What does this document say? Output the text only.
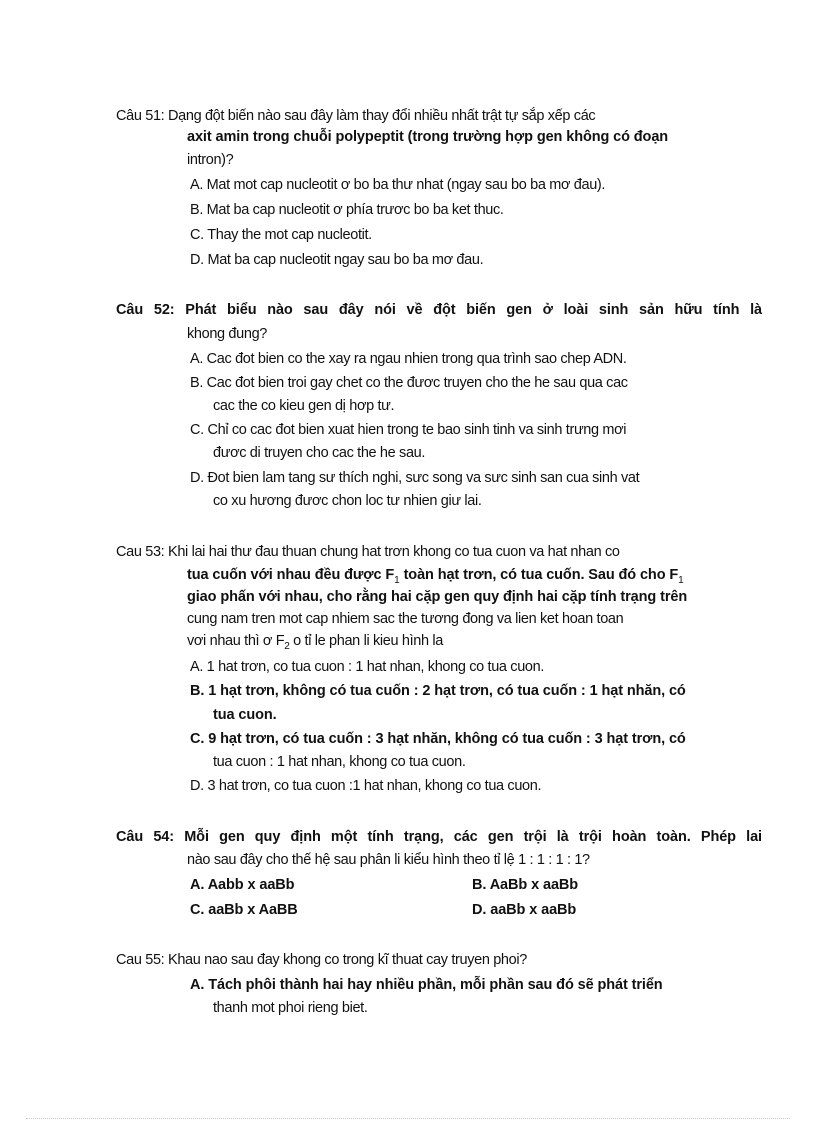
Câu 51: Dạng đột biến nào sau đây làm thay đổi nhiều nhất trật tự sắp xếp các
axit amin trong chuỗi polypeptit (trong trường hợp gen không có đoạn
intron)?
A. Mat mot cap nucleotit ơ bo ba thư nhat (ngay sau bo ba mơ đau).
B. Mat ba cap nucleotit ơ phía trươc bo ba ket thuc.
C. Thay the mot cap nucleotit.
D. Mat ba cap nucleotit ngay sau bo ba mơ đau.
Câu 52: Phát biểu nào sau đây nói về đột biến gen ở loài sinh sản hữu tính là
khong đung?
A. Cac đot bien co the xay ra ngau nhien trong qua trình sao chep ADN.
B. Cac đot bien troi gay chet co the đươc truyen cho the he sau qua cac
cac the co kieu gen dị hơp tư.
C. Chỉ co cac đot bien xuat hien trong te bao sinh tinh va sinh trưng mơi
đươc di truyen cho cac the he sau.
D. Đot bien lam tang sư thích nghi, sưc song va sưc sinh san cua sinh vat
co xu hương đươc chon loc tư nhien giư lai.
Cau 53: Khi lai hai thư đau thuan chung hat trơn khong co tua cuon va hat nhan co
tua cuốn với nhau đều được $F_1$ toàn hạt trơn, có tua cuốn. Sau đó cho $F_1$
giao phấn với nhau, cho rằng hai cặp gen quy định hai cặp tính trạng trên
cung nam tren mot cap nhiem sac the tương đong va lien ket hoan toan
vơi nhau thì ơ $F_2$ o tỉ le phan li kieu hình la
A. 1 hat trơn, co tua cuon : 1 hat nhan, khong co tua cuon.
B. 1 hạt trơn, không có tua cuốn : 2 hạt trơn, có tua cuốn : 1 hạt nhăn, có
tua cuon.
C. 9 hạt trơn, có tua cuốn : 3 hạt nhăn, không có tua cuốn : 3 hạt trơn, có
tua cuon : 1 hat nhan, khong co tua cuon.
D. 3 hat trơn, co tua cuon :1 hat nhan, khong co tua cuon.
Câu 54: Mỗi gen quy định một tính trạng, các gen trội là trội hoàn toàn. Phép lai
nào sau đây cho thế hệ sau phân li kiểu hình theo tỉ lệ 1 : 1 : 1 : 1?
A. Aabb x aaBb	B. AaBb x aaBb
C. aaBb x AaBB	D. aaBb x aaBb
Cau 55: Khau nao sau đay khong co trong kĩ thuat cay truyen phoi?
A. Tách phôi thành hai hay nhiều phần, mỗi phần sau đó sẽ phát triển
thanh mot phoi rieng biet.
